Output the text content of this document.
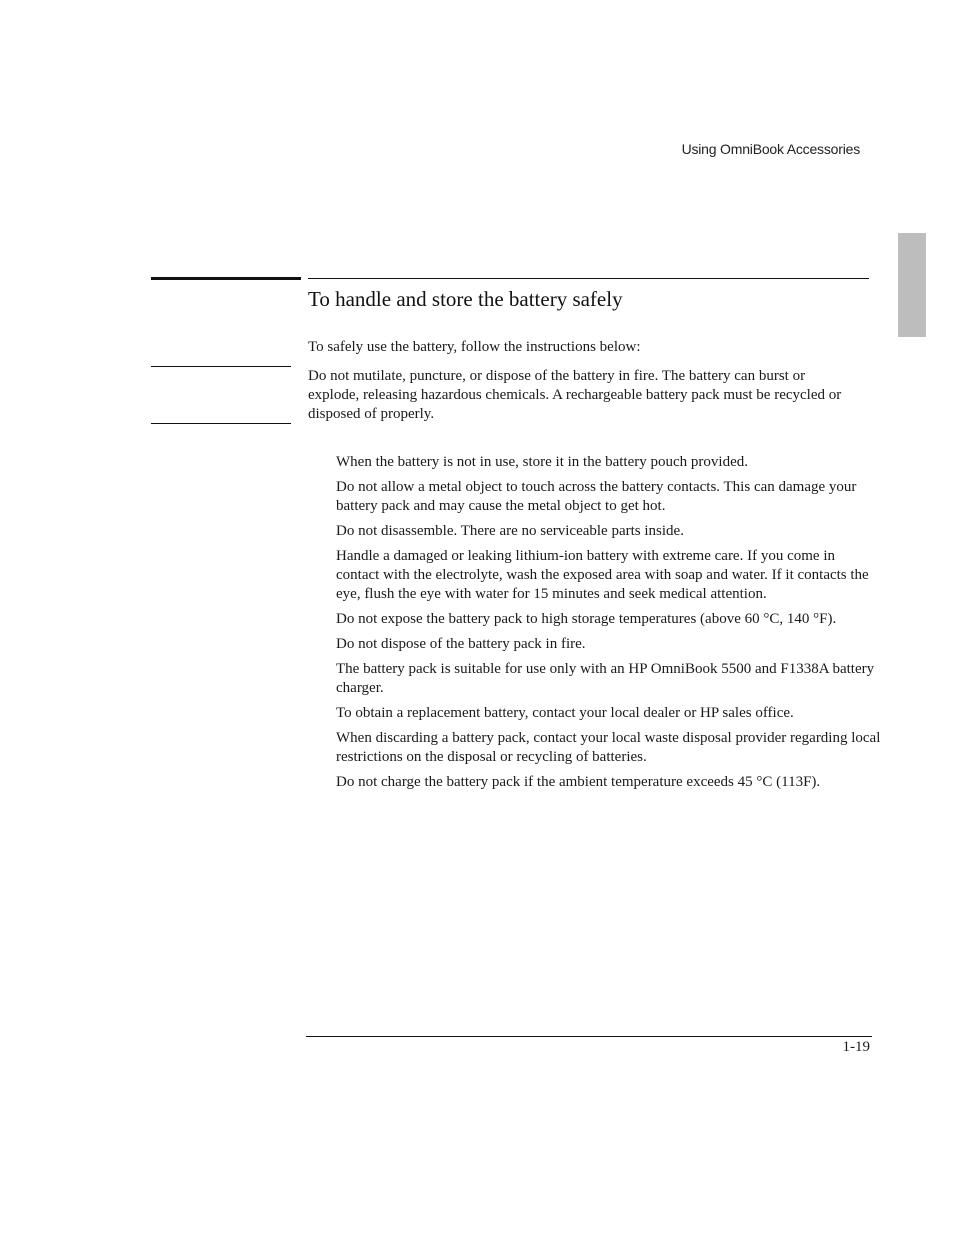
Using OmniBook Accessories
To handle and store the battery safely

To safely use the battery, follow the instructions below:

Do not mutilate, puncture, or dispose of the battery in fire. The battery can burst or explode, releasing hazardous chemicals. A rechargeable battery pack must be recycled or disposed of properly.

When the battery is not in use, store it in the battery pouch provided.
Do not allow a metal object to touch across the battery contacts. This can damage your battery pack and may cause the metal object to get hot.
Do not disassemble. There are no serviceable parts inside.
Handle a damaged or leaking lithium-ion battery with extreme care. If you come in contact with the electrolyte, wash the exposed area with soap and water. If it contacts the eye, flush the eye with water for 15 minutes and seek medical attention.
Do not expose the battery pack to high storage temperatures (above 60 °C, 140 °F).
Do not dispose of the battery pack in fire.
The battery pack is suitable for use only with an HP OmniBook 5500 and F1338A battery charger.
To obtain a replacement battery, contact your local dealer or HP sales office.
When discarding a battery pack, contact your local waste disposal provider regarding local restrictions on the disposal or recycling of batteries.
Do not charge the battery pack if the ambient temperature exceeds 45 °C (113F).
1-19
